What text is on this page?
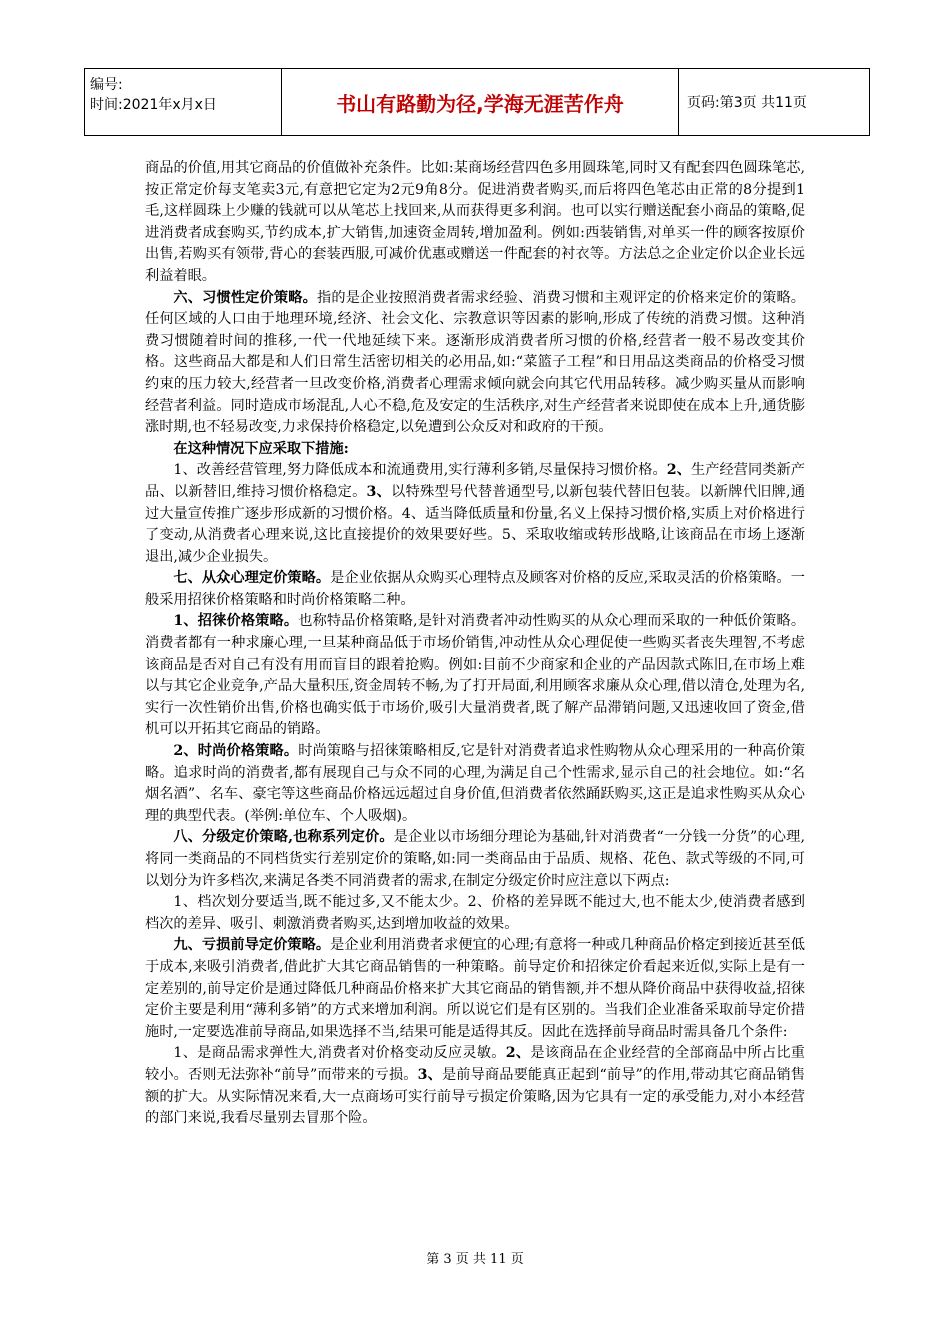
编号:
时间:2021年x月x日	书山有路勤为径,学海无涯苦作舟	页码:第3页 共11页

商品的价值,用其它商品的价值做补充条件。比如:某商场经营四色多用圆珠笔,同时又有配套四色圆珠笔芯,按正常定价每支笔卖3元,有意把它定为2元9角8分。促进消费者购买,而后将四色笔芯由正常的8分提到1毛,这样圆珠上少赚的钱就可以从笔芯上找回来,从而获得更多利润。也可以实行赠送配套小商品的策略,促进消费者成套购买,节约成本,扩大销售,加速资金周转,增加盈利。例如:西装销售,对单买一件的顾客按原价出售,若购买有领带,背心的套装西服,可减价优惠或赠送一件配套的衬衣等。方法总之企业定价以企业长远利益着眼。

六、习惯性定价策略。指的是企业按照消费者需求经验、消费习惯和主观评定的价格来定价的策略。任何区域的人口由于地理环境,经济、社会文化、宗教意识等因素的影响,形成了传统的消费习惯。这种消费习惯随着时间的推移,一代一代地延续下来。逐渐形成消费者所习惯的价格,经营者一般不易改变其价格。这些商品大都是和人们日常生活密切相关的必用品,如:“菜篮子工程”和日用品这类商品的价格受习惯约束的压力较大,经营者一旦改变价格,消费者心理需求倾向就会向其它代用品转移。减少购买量从而影响经营者利益。同时造成市场混乱,人心不稳,危及安定的生活秩序,对生产经营者来说即使在成本上升,通货膨涨时期,也不轻易改变,力求保持价格稳定,以免遭到公众反对和政府的干预。

在这种情况下应采取下措施:

1、改善经营管理,努力降低成本和流通费用,实行薄利多销,尽量保持习惯价格。2、生产经营同类新产品、以新替旧,维持习惯价格稳定。3、以特殊型号代替普通型号,以新包装代替旧包装。以新牌代旧牌,通过大量宣传推广逐步形成新的习惯价格。4、适当降低质量和份量,名义上保持习惯价格,实质上对价格进行了变动,从消费者心理来说,这比直接提价的效果要好些。5、采取收缩或转形战略,让该商品在市场上逐渐退出,减少企业损失。

七、从众心理定价策略。是企业依据从众购买心理特点及顾客对价格的反应,采取灵活的价格策略。一般采用招徕价格策略和时尚价格策略二种。

1、招徕价格策略。也称特品价格策略,是针对消费者冲动性购买的从众心理而采取的一种低价策略。消费者都有一种求廉心理,一旦某种商品低于市场价销售,冲动性从众心理促使一些购买者丧失理智,不考虑该商品是否对自己有没有用而盲目的跟着抢购。例如:目前不少商家和企业的产品因款式陈旧,在市场上难以与其它企业竞争,产品大量积压,资金周转不畅,为了打开局面,利用顾客求廉从众心理,借以清仓,处理为名,实行一次性销价出售,价格也确实低于市场价,吸引大量消费者,既了解产品滞销问题,又迅速收回了资金,借机可以开拓其它商品的销路。

2、时尚价格策略。时尚策略与招徕策略相反,它是针对消费者追求性购物从众心理采用的一种高价策略。追求时尚的消费者,都有展现自己与众不同的心理,为满足自己个性需求,显示自己的社会地位。如:“名烟名酒”、名车、豪宅等这些商品价格远远超过自身价值,但消费者依然踊跃购买,这正是追求性购买从众心理的典型代表。(举例:单位车、个人吸烟)。

八、分级定价策略,也称系列定价。是企业以市场细分理论为基础,针对消费者“一分钱一分货”的心理,将同一类商品的不同档货实行差别定价的策略,如:同一类商品由于品质、规格、花色、款式等级的不同,可以划分为许多档次,来满足各类不同消费者的需求,在制定分级定价时应注意以下两点:

1、档次划分要适当,既不能过多,又不能太少。2、价格的差异既不能过大,也不能太少,使消费者感到档次的差异、吸引、刺激消费者购买,达到增加收益的效果。

九、亏损前导定价策略。是企业利用消费者求便宜的心理;有意将一种或几种商品价格定到接近甚至低于成本,来吸引消费者,借此扩大其它商品销售的一种策略。前导定价和招徕定价看起来近似,实际上是有一定差别的,前导定价是通过降低几种商品价格来扩大其它商品的销售额,并不想从降价商品中获得收益,招徕定价主要是利用“薄利多销”的方式来增加利润。所以说它们是有区别的。当我们企业准备采取前导定价措施时,一定要选准前导商品,如果选择不当,结果可能是适得其反。因此在选择前导商品时需具备几个条件:

1、是商品需求弹性大,消费者对价格变动反应灵敏。2、是该商品在企业经营的全部商品中所占比重较小。否则无法弥补“前导”而带来的亏损。3、是前导商品要能真正起到“前导”的作用,带动其它商品销售额的扩大。从实际情况来看,大一点商场可实行前导亏损定价策略,因为它具有一定的承受能力,对小本经营的部门来说,我看尽量别去冒那个险。

第 3 页 共 11 页
